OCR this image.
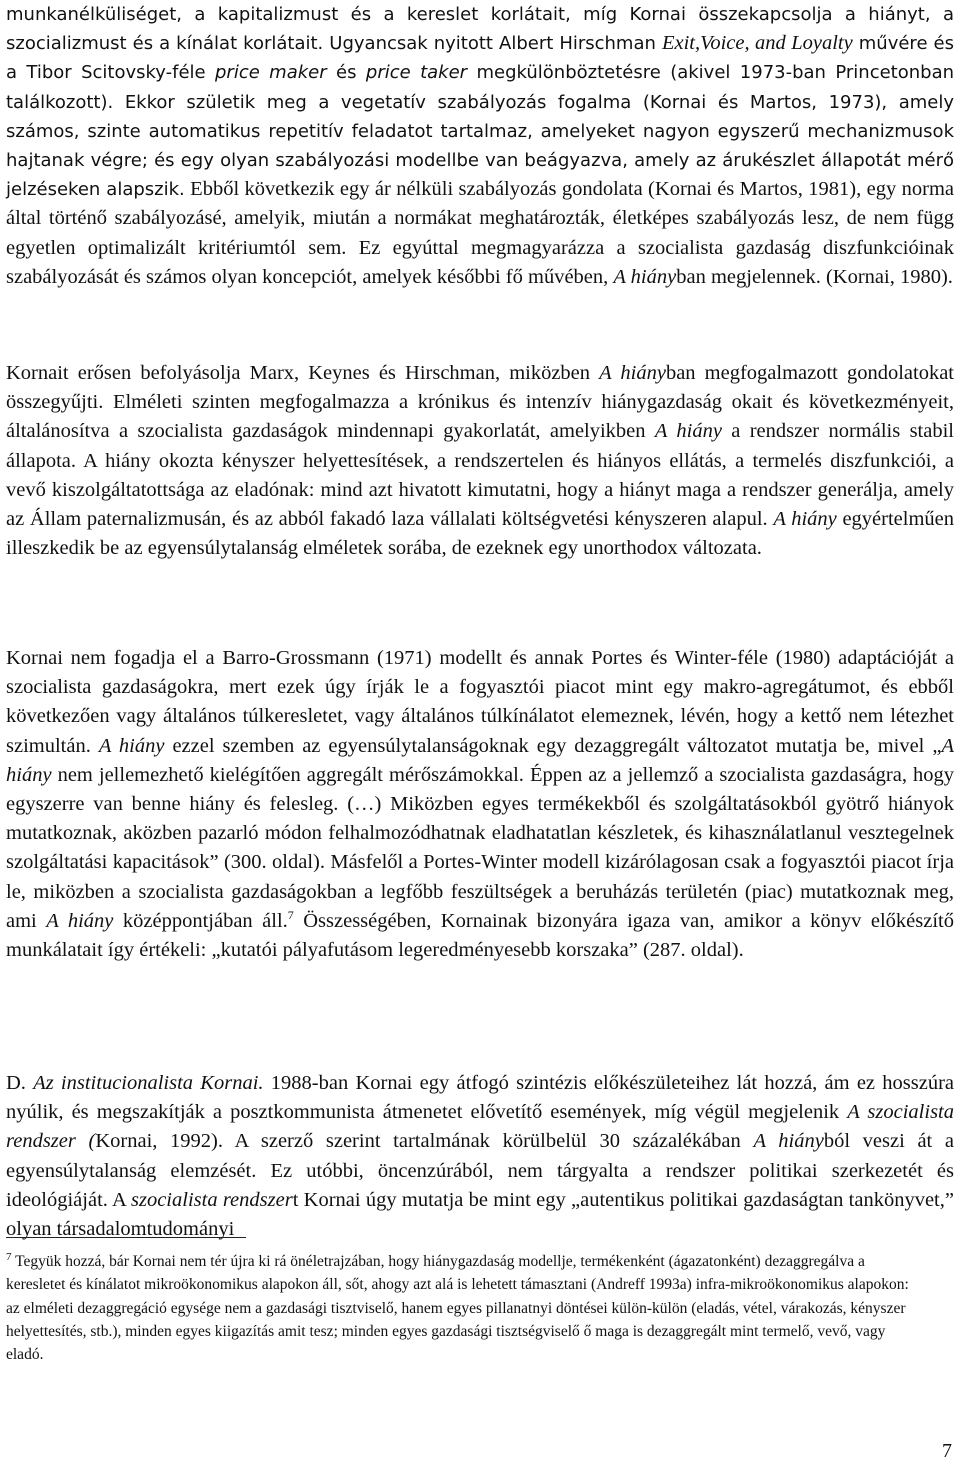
munkanélküliséget, a kapitalizmust és a kereslet korlátait, míg Kornai összekapcsolja a hiányt, a szocializmust és a kínálat korlátait. Ugyancsak nyitott Albert Hirschman Exit,Voice, and Loyalty művére és a Tibor Scitovsky-féle price maker és price taker megkülönböztetésre (akivel 1973-ban Princetonban találkozott). Ekkor születik meg a vegetatív szabályozás fogalma (Kornai és Martos, 1973), amely számos, szinte automatikus repetitív feladatot tartalmaz, amelyeket nagyon egyszerű mechanizmusok hajtanak végre; és egy olyan szabályozási modellbe van beágyazva, amely az árukészlet állapotát mérő jelzéseken alapszik. Ebből következik egy ár nélküli szabályozás gondolata (Kornai és Martos, 1981), egy norma által történő szabályozásé, amelyik, miután a normákat meghatározták, életképes szabályozás lesz, de nem függ egyetlen optimalizált kritériumtól sem. Ez egyúttal megmagyarázza a szocialista gazdaság diszfunkcióinak szabályozását és számos olyan koncepciót, amelyek későbbi fő művében, A hiányban megjelennek. (Kornai, 1980).

Kornait erősen befolyásolja Marx, Keynes és Hirschman, miközben A hiányban megfogalmazott gondolatokat összegyűjti. Elméleti szinten megfogalmazza a krónikus és intenzív hiánygazdaság okait és következményeit, általánosítva a szocialista gazdaságok mindennapi gyakorlatát, amelyikben A hiány a rendszer normális stabil állapota. A hiány okozta kényszer helyettesítések, a rendszertelen és hiányos ellátás, a termelés diszfunkciói, a vevő kiszolgáltatottsága az eladónak: mind azt hivatott kimutatni, hogy a hiányt maga a rendszer generálja, amely az Állam paternalizmusán, és az abból fakadó laza vállalati költségvetési kényszeren alapul. A hiány egyértelműen illeszkedik be az egyensúlytalanság elméletek sorába, de ezeknek egy unorthodox változata.

Kornai nem fogadja el a Barro-Grossmann (1971) modellt és annak Portes és Winter-féle (1980) adaptációját a szocialista gazdaságokra, mert ezek úgy írják le a fogyasztói piacot mint egy makro-agregátumot, és ebből következően vagy általános túlkeresletet, vagy általános túlkínálatot elemeznek, lévén, hogy a kettő nem létezhet szimultán. A hiány ezzel szemben az egyensúlytalanságoknak egy dezaggregált változatot mutatja be, mivel „A hiány nem jellemezhető kielégítően aggregált mérőszámokkal. Éppen az a jellemző a szocialista gazdaságra, hogy egyszerre van benne hiány és felesleg. (…) Miközben egyes termékekből és szolgáltatásokból gyötrő hiányok mutatkoznak, aközben pazarló módon felhalmozódhatnak eladhatatlan készletek, és kihasználatlanul vesztegelnek szolgáltatási kapacitások” (300. oldal). Másfelől a Portes-Winter modell kizárólagosan csak a fogyasztói piacot írja le, miközben a szocialista gazdaságokban a legfőbb feszültségek a beruházás területén (piac) mutatkoznak meg, ami A hiány középpontjában áll.$^7$ Összességében, Kornainak bizonyára igaza van, amikor a könyv előkészítő munkálatait így értékeli: „kutatói pályafutásom legeredményesebb korszaka” (287. oldal).

D. Az institucionalista Kornai. 1988-ban Kornai egy átfogó szintézis előkészületeihez lát hozzá, ám ez hosszúra nyúlik, és megszakítják a posztkommunista átmenetet elővetítő események, míg végül megjelenik A szocialista rendszer (Kornai, 1992). A szerző szerint tartalmának körülbelül 30 százalékában A hiányból veszi át a egyensúlytalanság elemzését. Ez utóbbi, öncenzúrából, nem tárgyalta a rendszer politikai szerkezetét és ideológiáját. A szocialista rendszert Kornai úgy mutatja be mint egy „autentikus politikai gazdaságtan tankönyvet,” olyan társadalomtudományi

$^7$ Tegyük hozzá, bár Kornai nem tér újra ki rá önéletrajzában, hogy hiánygazdaság modellje, termékenként (ágazatonként) dezaggregálva a keresletet és kínálatot mikroökonomikus alapokon áll, sőt, ahogy azt alá is lehetett támasztani (Andreff 1993a) infra-mikroökonomikus alapokon: az elméleti dezaggregáció egysége nem a gazdasági tisztviselő, hanem egyes pillanatnyi döntései külön-külön (eladás, vétel, várakozás, kényszer helyettesítés, stb.), minden egyes kiigazítás amit tesz; minden egyes gazdasági tisztségviselő ő maga is dezaggregált mint termelő, vevő, vagy eladó.

7
